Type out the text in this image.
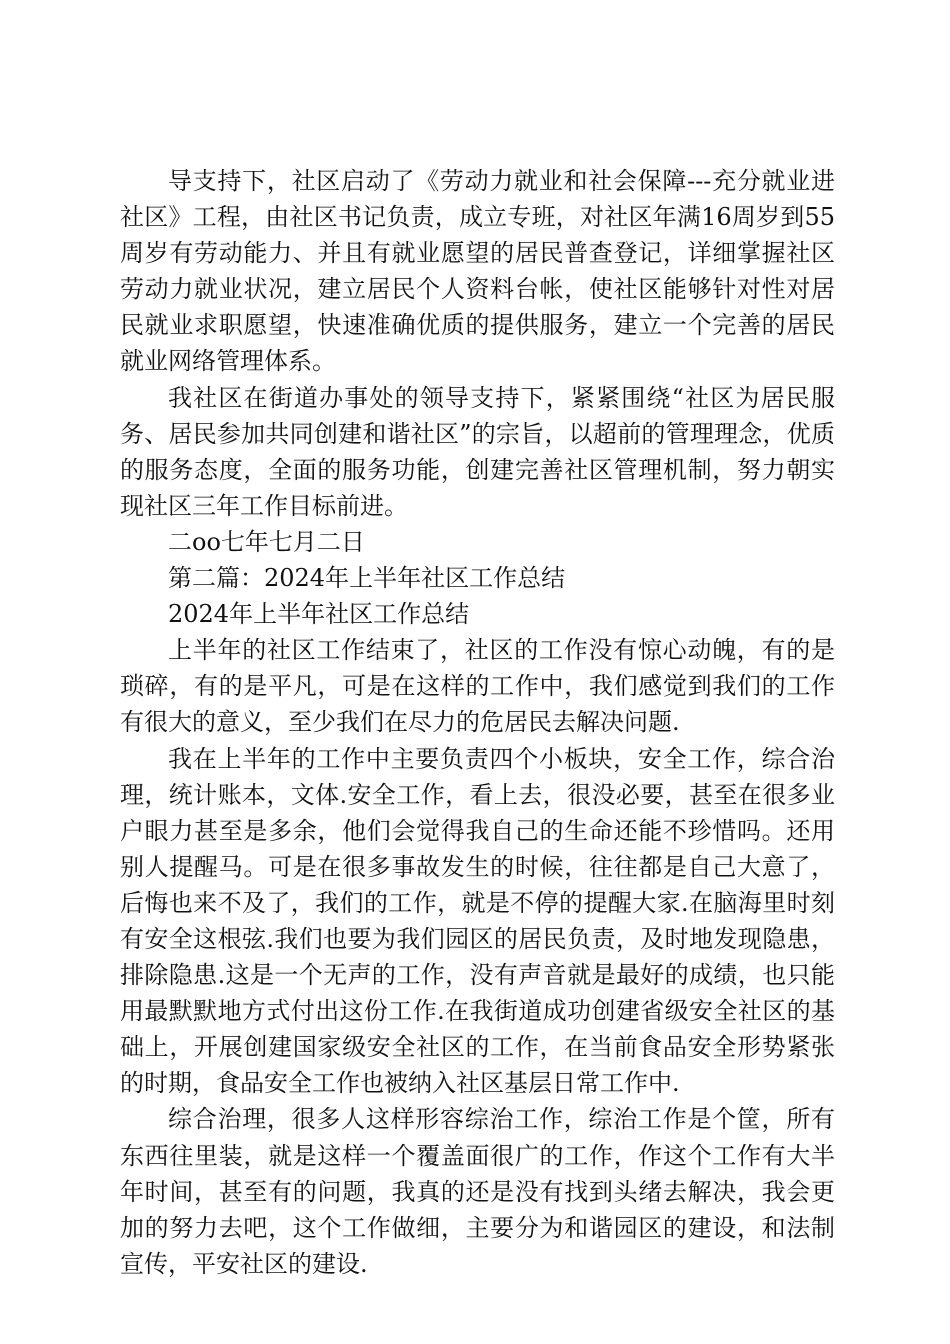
导支持下，社区启动了《劳动力就业和社会保障---充分就业进社区》工程，由社区书记负责，成立专班，对社区年满16周岁到55周岁有劳动能力、并且有就业愿望的居民普查登记，详细掌握社区劳动力就业状况，建立居民个人资料台帐，使社区能够针对性对居民就业求职愿望，快速准确优质的提供服务，建立一个完善的居民就业网络管理体系。

我社区在街道办事处的领导支持下，紧紧围绕“社区为居民服务、居民参加共同创建和谐社区”的宗旨，以超前的管理理念，优质的服务态度，全面的服务功能，创建完善社区管理机制，努力朝实现社区三年工作目标前进。

二oo七年七月二日

第二篇：2024年上半年社区工作总结

2024年上半年社区工作总结

上半年的社区工作结束了，社区的工作没有惊心动魄，有的是琐碎，有的是平凡，可是在这样的工作中，我们感觉到我们的工作有很大的意义，至少我们在尽力的危居民去解决问题.

我在上半年的工作中主要负责四个小板块，安全工作，综合治理，统计账本，文体.安全工作，看上去，很没必要，甚至在很多业户眼力甚至是多余，他们会觉得我自己的生命还能不珍惜吗。还用别人提醒马。可是在很多事故发生的时候，往往都是自己大意了，后悔也来不及了，我们的工作，就是不停的提醒大家.在脑海里时刻有安全这根弦.我们也要为我们园区的居民负责，及时地发现隐患，排除隐患.这是一个无声的工作，没有声音就是最好的成绩，也只能用最默默地方式付出这份工作.在我街道成功创建省级安全社区的基础上，开展创建国家级安全社区的工作，在当前食品安全形势紧张的时期，食品安全工作也被纳入社区基层日常工作中.

综合治理，很多人这样形容综治工作，综治工作是个筐，所有东西往里装，就是这样一个覆盖面很广的工作，作这个工作有大半年时间，甚至有的问题，我真的还是没有找到头绪去解决，我会更加的努力去吧，这个工作做细，主要分为和谐园区的建设，和法制宣传，平安社区的建设.
